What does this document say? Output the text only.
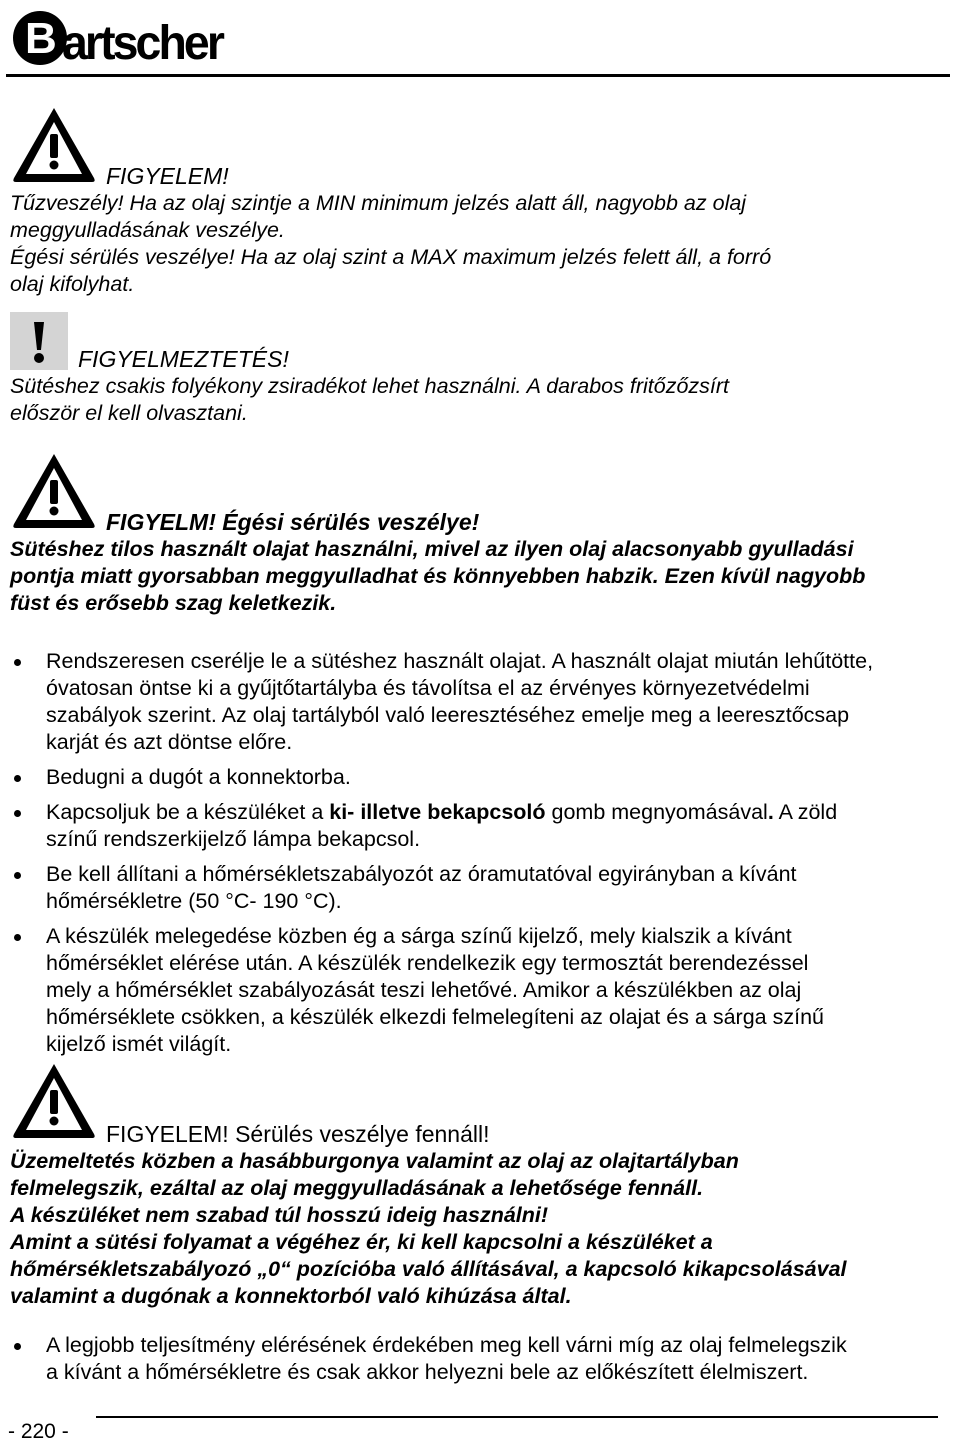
B artscher
FIGYELEM!
Tűzveszély! Ha az olaj szintje a MIN minimum jelzés alatt áll, nagyobb az olaj
meggyulladásának veszélye.
Égési sérülés veszélye! Ha az olaj szint a MAX maximum jelzés felett áll, a forró
olaj kifolyhat.
FIGYELMEZTETÉS!
Sütéshez csakis folyékony zsiradékot lehet használni. A darabos fritőzőzsírt
először el kell olvasztani.
FIGYELM! Égési sérülés veszélye!
Sütéshez tilos használt olajat használni, mivel az ilyen olaj alacsonyabb gyulladási
pontja miatt gyorsabban meggyulladhat és könnyebben habzik. Ezen kívül nagyobb
füst és erősebb szag keletkezik.
Rendszeresen cserélje le a sütéshez használt olajat. A használt olajat miután lehűtötte,
óvatosan öntse ki a gyűjtőtartályba és távolítsa el az érvényes környezetvédelmi
szabályok szerint. Az olaj tartályból való leeresztéséhez emelje meg a leeresztőcsap
karját és azt döntse előre.
Bedugni a dugót a konnektorba.
Kapcsoljuk be a készüléket a ki- illetve bekapcsoló gomb megnyomásával. A zöld
színű rendszerkijelző lámpa bekapcsol.
Be kell állítani a hőmérsékletszabályozót az óramutatóval egyirányban a kívánt
hőmérsékletre (50 °C- 190 °C).
A készülék melegedése közben ég a sárga színű kijelző, mely kialszik a kívánt
hőmérséklet elérése után. A készülék rendelkezik egy termosztát berendezéssel
mely a hőmérséklet szabályozását teszi lehetővé. Amikor a készülékben az olaj
hőmérséklete csökken, a készülék elkezdi felmelegíteni az olajat és a sárga színű
kijelző ismét világít.
FIGYELEM! Sérülés veszélye fennáll!
Üzemeltetés közben a hasábburgonya valamint az olaj az olajtartályban
felmelegszik, ezáltal az olaj meggyulladásának a lehetősége fennáll.
A készüléket nem szabad túl hosszú ideig használni!
Amint a sütési folyamat a végéhez ér, ki kell kapcsolni a készüléket a
hőmérsékletszabályozó „0“ pozícióba való állításával, a kapcsoló kikapcsolásával
valamint a dugónak a konnektorból való kihúzása által.
A legjobb teljesítmény elérésének érdekében meg kell várni míg az olaj felmelegszik
a kívánt a hőmérsékletre és csak akkor helyezni bele az előkészített élelmiszert.
- 220 -
